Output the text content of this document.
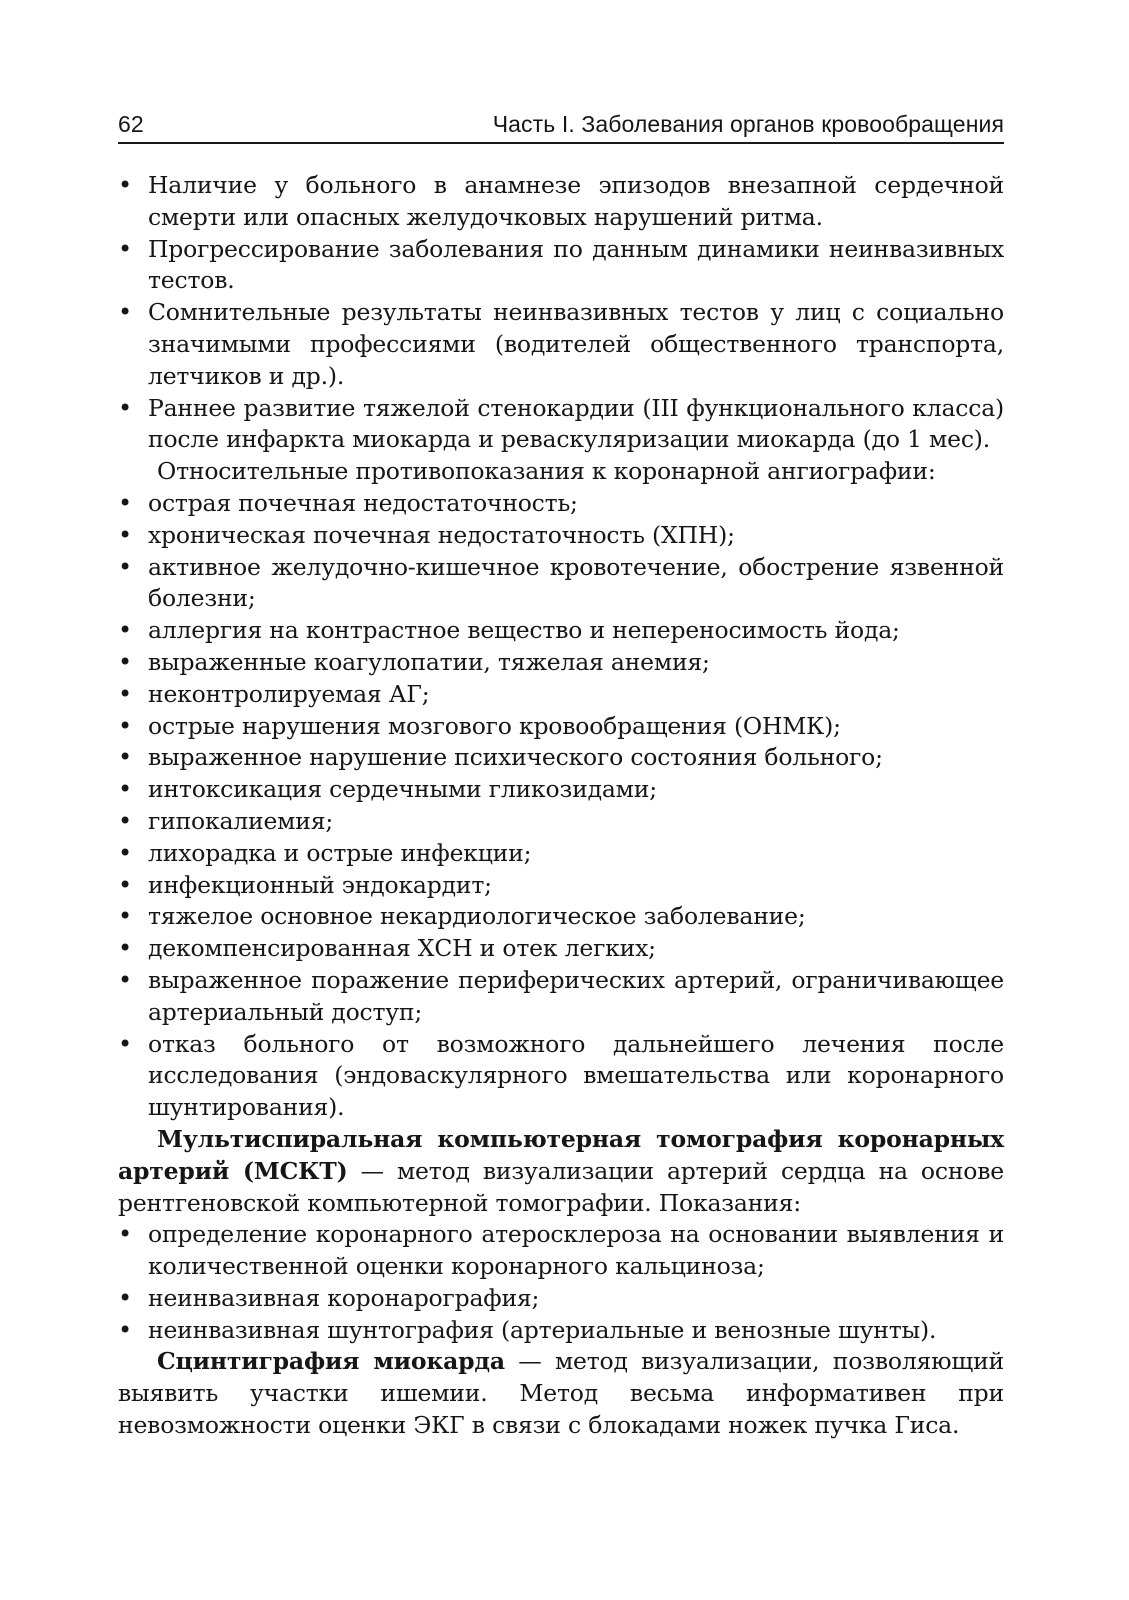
62	Часть I. Заболевания органов кровообращения
• Наличие у больного в анамнезе эпизодов внезапной сердечной смерти или опасных желудочковых нарушений ритма.
• Прогрессирование заболевания по данным динамики неинвазивных тестов.
• Сомнительные результаты неинвазивных тестов у лиц с социально значимыми профессиями (водителей общественного транспорта, летчиков и др.).
• Раннее развитие тяжелой стенокардии (III функционального класса) после инфаркта миокарда и реваскуляризации миокарда (до 1 мес).

Относительные противопоказания к коронарной ангиографии:

• острая почечная недостаточность;
• хроническая почечная недостаточность (ХПН);
• активное желудочно-кишечное кровотечение, обострение язвенной болезни;
• аллергия на контрастное вещество и непереносимость йода;
• выраженные коагулопатии, тяжелая анемия;
• неконтролируемая АГ;
• острые нарушения мозгового кровообращения (ОНМК);
• выраженное нарушение психического состояния больного;
• интоксикация сердечными гликозидами;
• гипокалиемия;
• лихорадка и острые инфекции;
• инфекционный эндокардит;
• тяжелое основное некардиологическое заболевание;
• декомпенсированная ХСН и отек легких;
• выраженное поражение периферических артерий, ограничивающее артериальный доступ;
• отказ больного от возможного дальнейшего лечения после исследования (эндоваскулярного вмешательства или коронарного шунтирования).

Мультиспиральная компьютерная томография коронарных артерий (МСКТ) — метод визуализации артерий сердца на основе рентгеновской компьютерной томографии. Показания:

• определение коронарного атеросклероза на основании выявления и количественной оценки коронарного кальциноза;
• неинвазивная коронарография;
• неинвазивная шунтография (артериальные и венозные шунты).

Сцинтиграфия миокарда — метод визуализации, позволяющий выявить участки ишемии. Метод весьма информативен при невозможности оценки ЭКГ в связи с блокадами ножек пучка Гиса.
